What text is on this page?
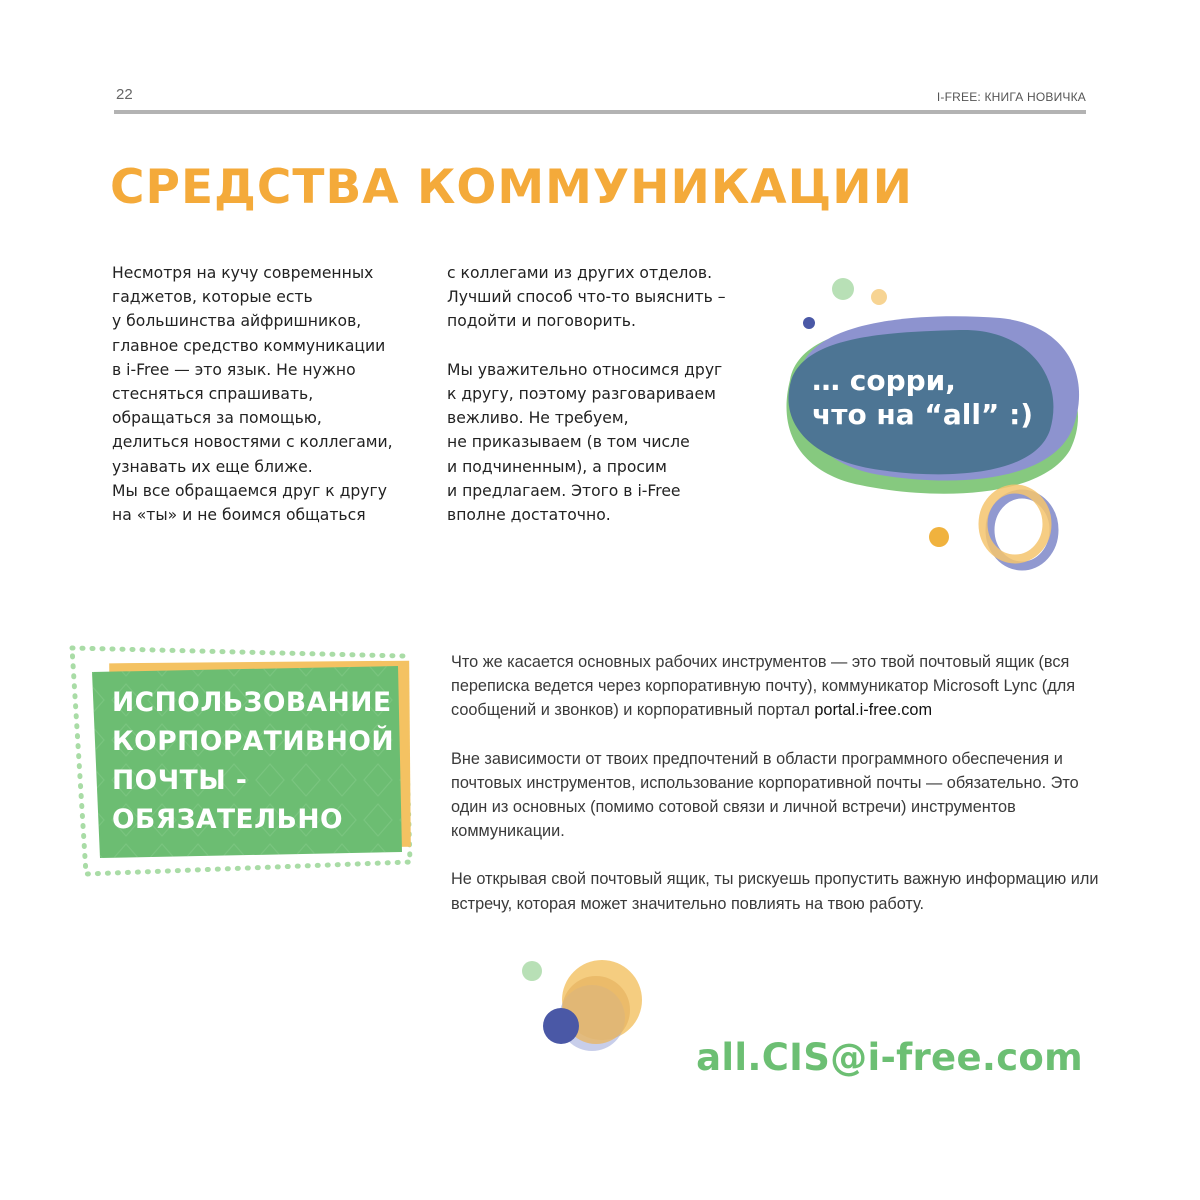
22	I-FREE: КНИГА НОВИЧКА
СРЕДСТВА КОММУНИКАЦИИ
Несмотря на кучу современных
гаджетов, которые есть
у большинства айфришников,
главное средство коммуникации
в i-Free — это язык. Не нужно
стесняться спрашивать,
обращаться за помощью,
делиться новостями с коллегами,
узнавать их еще ближе.
Мы все обращаемся друг к другу
на «ты» и не боимся общаться
с коллегами из других отделов.
Лучший способ что-то выяснить –
подойти и поговорить.

Мы уважительно относимся друг
к другу, поэтому разговариваем
вежливо. Не требуем,
не приказываем (в том числе
и подчиненным), а просим
и предлагаем. Этого в i-Free
вполне достаточно.
… сорри,
что на “all” :)
ИСПОЛЬЗОВАНИЕ
КОРПОРАТИВНОЙ
ПОЧТЫ -
ОБЯЗАТЕЛЬНО

Что же касается основных рабочих инструментов — это твой почтовый ящик (вся переписка ведется через корпоративную почту), коммуникатор Microsoft Lync (для сообщений и звонков) и корпоративный портал portal.i-free.com

Вне зависимости от твоих предпочтений в области программного обеспечения и почтовых инструментов, использование корпоративной почты — обязательно. Это один из основных (помимо сотовой связи и личной встречи) инструментов коммуникации.

Не открывая свой почтовый ящик, ты рискуешь пропустить важную информацию или встречу, которая может значительно повлиять на твою работу.

all.CIS@i-free.com
